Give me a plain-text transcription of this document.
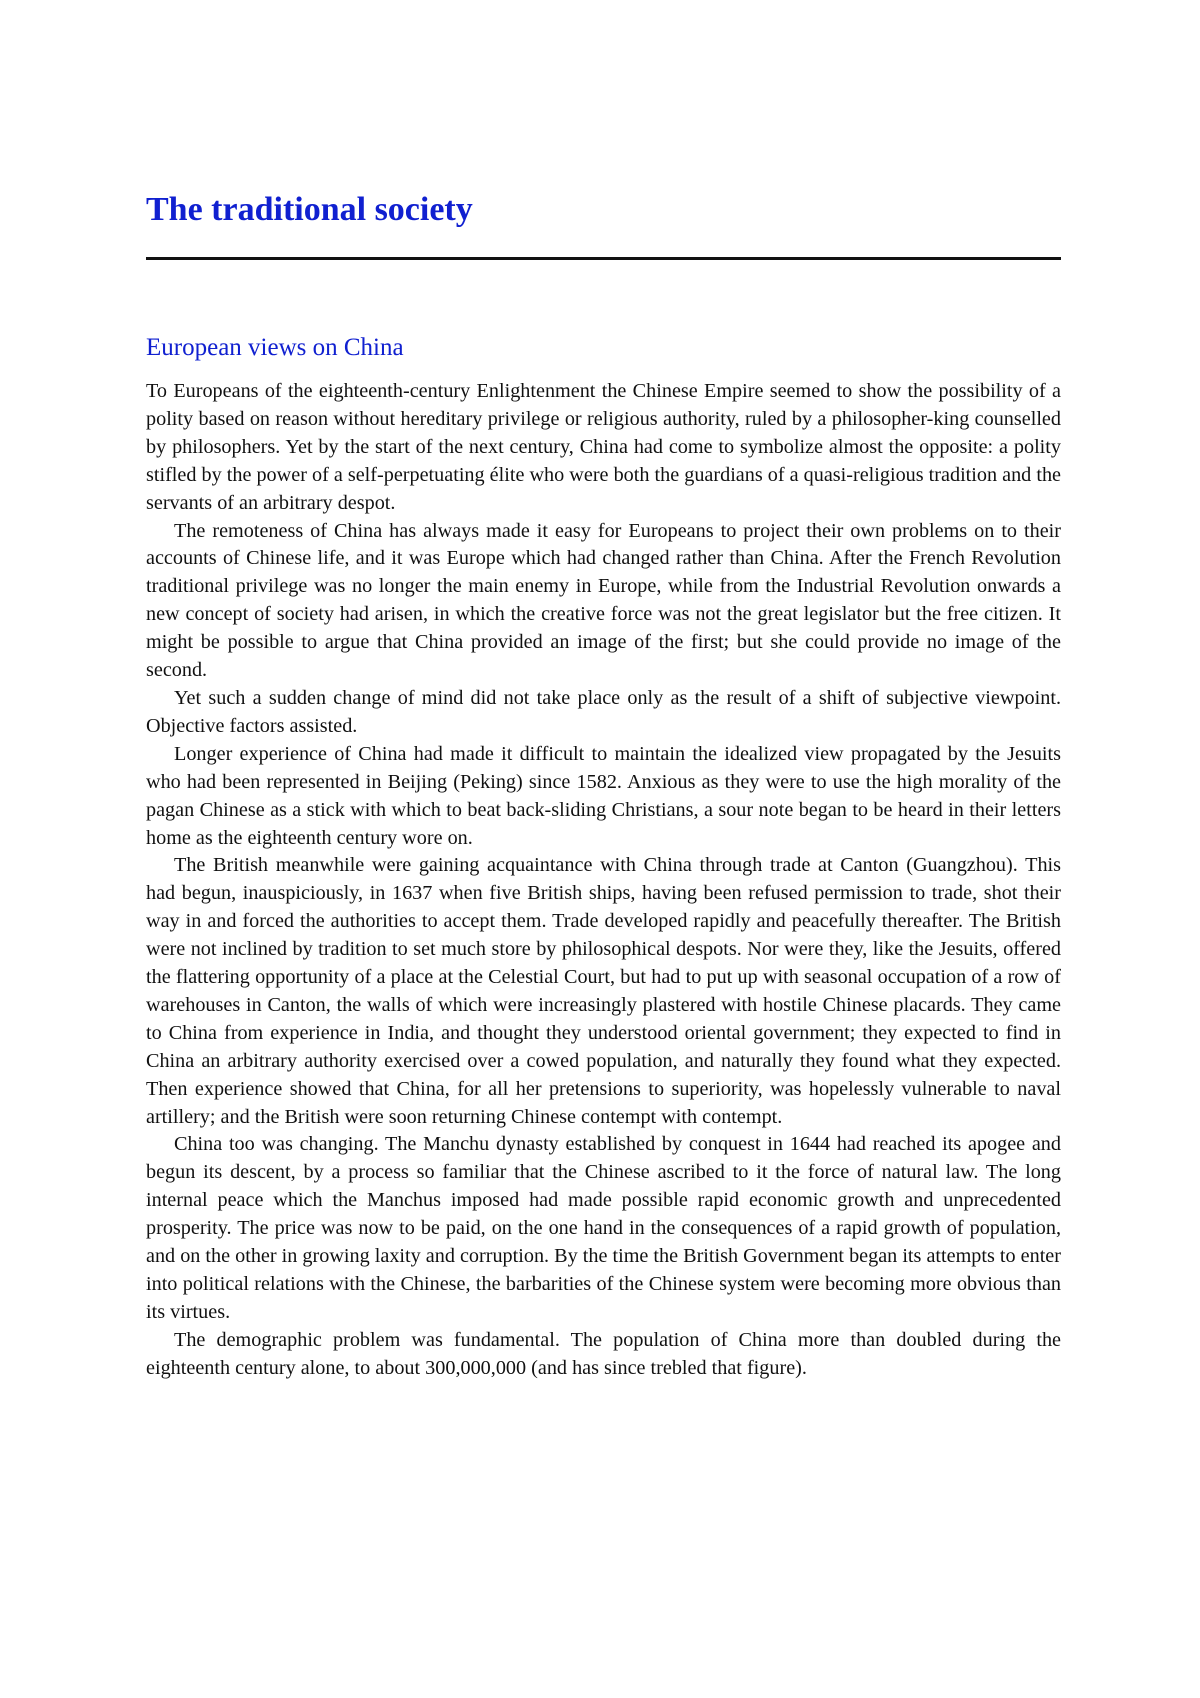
The traditional society
European views on China

To Europeans of the eighteenth-century Enlightenment the Chinese Empire seemed to show the possibility of a polity based on reason without hereditary privilege or religious authority, ruled by a philosopher-king counselled by philosophers. Yet by the start of the next century, China had come to symbolize almost the opposite: a polity stifled by the power of a self-perpetuating élite who were both the guardians of a quasi-religious tradition and the servants of an arbitrary despot.

The remoteness of China has always made it easy for Europeans to project their own problems on to their accounts of Chinese life, and it was Europe which had changed rather than China. After the French Revolution traditional privilege was no longer the main enemy in Europe, while from the Industrial Revolution onwards a new concept of society had arisen, in which the creative force was not the great legislator but the free citizen. It might be possible to argue that China provided an image of the first; but she could provide no image of the second.

Yet such a sudden change of mind did not take place only as the result of a shift of subjective viewpoint. Objective factors assisted.

Longer experience of China had made it difficult to maintain the idealized view propagated by the Jesuits who had been represented in Beijing (Peking) since 1582. Anxious as they were to use the high morality of the pagan Chinese as a stick with which to beat back-sliding Christians, a sour note began to be heard in their letters home as the eighteenth century wore on.

The British meanwhile were gaining acquaintance with China through trade at Canton (Guangzhou). This had begun, inauspiciously, in 1637 when five British ships, having been refused permission to trade, shot their way in and forced the authorities to accept them. Trade developed rapidly and peacefully thereafter. The British were not inclined by tradition to set much store by philosophical despots. Nor were they, like the Jesuits, offered the flattering opportunity of a place at the Celestial Court, but had to put up with seasonal occupation of a row of warehouses in Canton, the walls of which were increasingly plastered with hostile Chinese placards. They came to China from experience in India, and thought they understood oriental government; they expected to find in China an arbitrary authority exercised over a cowed population, and naturally they found what they expected. Then experience showed that China, for all her pretensions to superiority, was hopelessly vulnerable to naval artillery; and the British were soon returning Chinese contempt with contempt.

China too was changing. The Manchu dynasty established by conquest in 1644 had reached its apogee and begun its descent, by a process so familiar that the Chinese ascribed to it the force of natural law. The long internal peace which the Manchus imposed had made possible rapid economic growth and unprecedented prosperity. The price was now to be paid, on the one hand in the consequences of a rapid growth of population, and on the other in growing laxity and corruption. By the time the British Government began its attempts to enter into political relations with the Chinese, the barbarities of the Chinese system were becoming more obvious than its virtues.

The demographic problem was fundamental. The population of China more than doubled during the eighteenth century alone, to about 300,000,000 (and has since trebled that figure).
